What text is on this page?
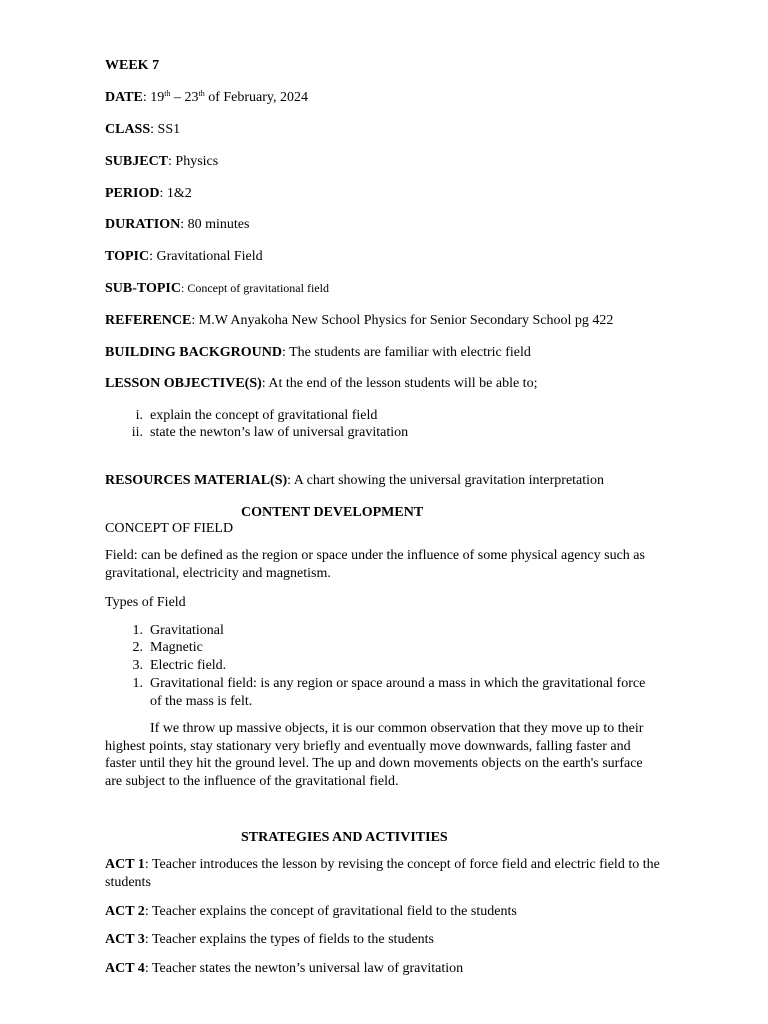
WEEK 7
DATE: 19th – 23th of February, 2024
CLASS: SS1
SUBJECT: Physics
PERIOD: 1&2
DURATION: 80 minutes
TOPIC: Gravitational Field
SUB-TOPIC: Concept of gravitational field
REFERENCE: M.W Anyakoha New School Physics for Senior Secondary School pg 422
BUILDING BACKGROUND: The students are familiar with electric field
LESSON OBJECTIVE(S): At the end of the lesson students will be able to;
i. explain the concept of gravitational field
ii. state the newton’s law of universal gravitation
RESOURCES MATERIAL(S): A chart showing the universal gravitation interpretation
CONTENT DEVELOPMENT
CONCEPT OF FIELD
Field: can be defined as the region or space under the influence of some physical agency such as gravitational, electricity and magnetism.
Types of Field
1. Gravitational
2. Magnetic
3. Electric field.
1. Gravitational field: is any region or space around a mass in which the gravitational force of the mass is felt.
If we throw up massive objects, it is our common observation that they move up to their highest points, stay stationary very briefly and eventually move downwards, falling faster and faster until they hit the ground level. The up and down movements objects on the earth's surface are subject to the influence of the gravitational field.
STRATEGIES AND ACTIVITIES
ACT 1: Teacher introduces the lesson by revising the concept of force field and electric field to the students
ACT 2: Teacher explains the concept of gravitational field to the students
ACT 3: Teacher explains the types of fields to the students
ACT 4: Teacher states the newton’s universal law of gravitation
